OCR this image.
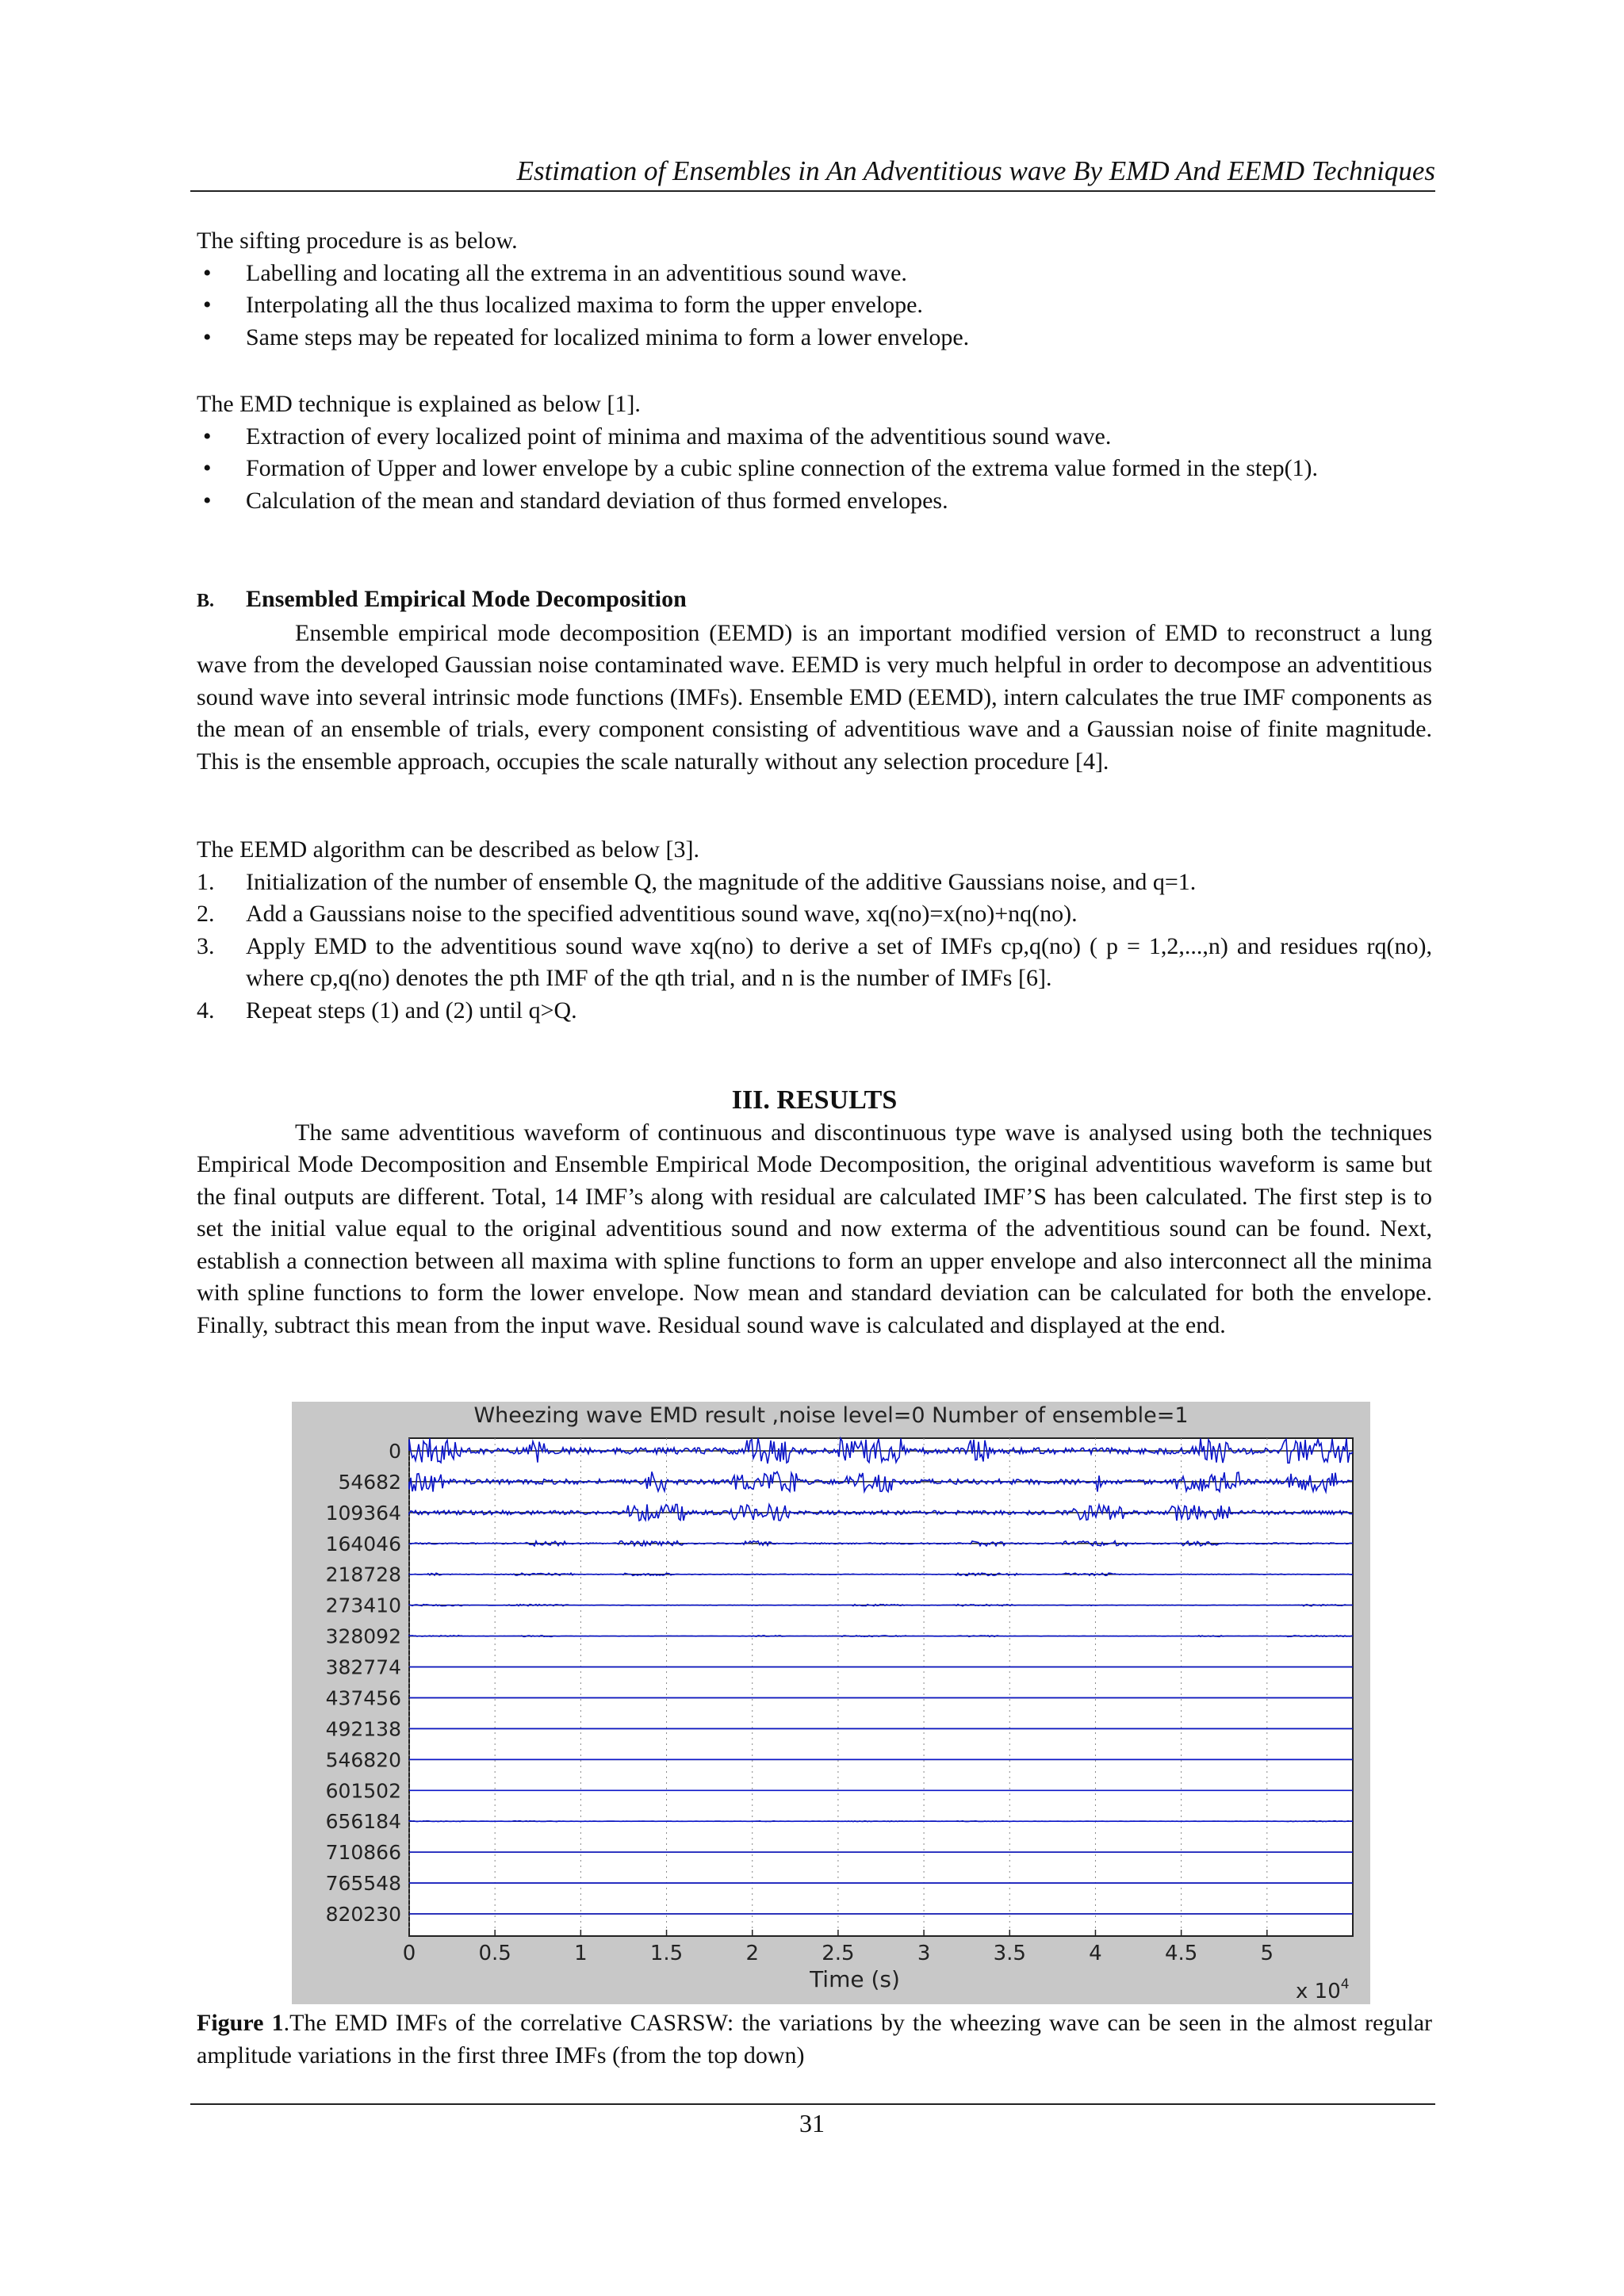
Estimation of Ensembles in An Adventitious wave By EMD And EEMD Techniques

The sifting procedure is as below.

• Labelling and locating all the extrema in an adventitious sound wave.
• Interpolating all the thus localized maxima to form the upper envelope.
• Same steps may be repeated for localized minima to form a lower envelope.

The EMD technique is explained as below [1].

• Extraction of every localized point of minima and maxima of the adventitious sound wave.
• Formation of Upper and lower envelope by a cubic spline connection of the extrema value formed in the step(1).
• Calculation of the mean and standard deviation of thus formed envelopes.

B. Ensembled Empirical Mode Decomposition

Ensemble empirical mode decomposition (EEMD) is an important modified version of EMD to reconstruct a lung wave from the developed Gaussian noise contaminated wave. EEMD is very much helpful in order to decompose an adventitious sound wave into several intrinsic mode functions (IMFs). Ensemble EMD (EEMD), intern calculates the true IMF components as the mean of an ensemble of trials, every component consisting of adventitious wave and a Gaussian noise of finite magnitude. This is the ensemble approach, occupies the scale naturally without any selection procedure [4].

The EEMD algorithm can be described as below [3].

1. Initialization of the number of ensemble Q, the magnitude of the additive Gaussians noise, and q=1.
2. Add a Gaussians noise to the specified adventitious sound wave, xq(no)=x(no)+nq(no).
3. Apply EMD to the adventitious sound wave xq(no) to derive a set of IMFs cp,q(no) ( p = 1,2,...,n) and residues rq(no), where cp,q(no) denotes the pth IMF of the qth trial, and n is the number of IMFs [6].
4. Repeat steps (1) and (2) until q>Q.

III. RESULTS

The same adventitious waveform of continuous and discontinuous type wave is analysed using both the techniques Empirical Mode Decomposition and Ensemble Empirical Mode Decomposition, the original adventitious waveform is same but the final outputs are different. Total, 14 IMF’s along with residual are calculated IMF’S has been calculated. The first step is to set the initial value equal to the original adventitious sound and now exterma of the adventitious sound can be found. Next, establish a connection between all maxima with spline functions to form an upper envelope and also interconnect all the minima with spline functions to form the lower envelope. Now mean and standard deviation can be calculated for both the envelope. Finally, subtract this mean from the input wave. Residual sound wave is calculated and displayed at the end.

Wheezing wave EMD result ,noise level=0 Number of ensemble=1
0
54682
109364
164046
218728
273410
328092
382774
437456
492138
546820
601502
656184
710866
765548
820230
0	0.5	1	1.5	2	2.5	3	3.5	4	4.5	5
Time (s)	x $10^4$
Figure 1.The EMD IMFs of the correlative CASRSW: the variations by the wheezing wave can be seen in the almost regular amplitude variations in the first three IMFs (from the top down)
31
